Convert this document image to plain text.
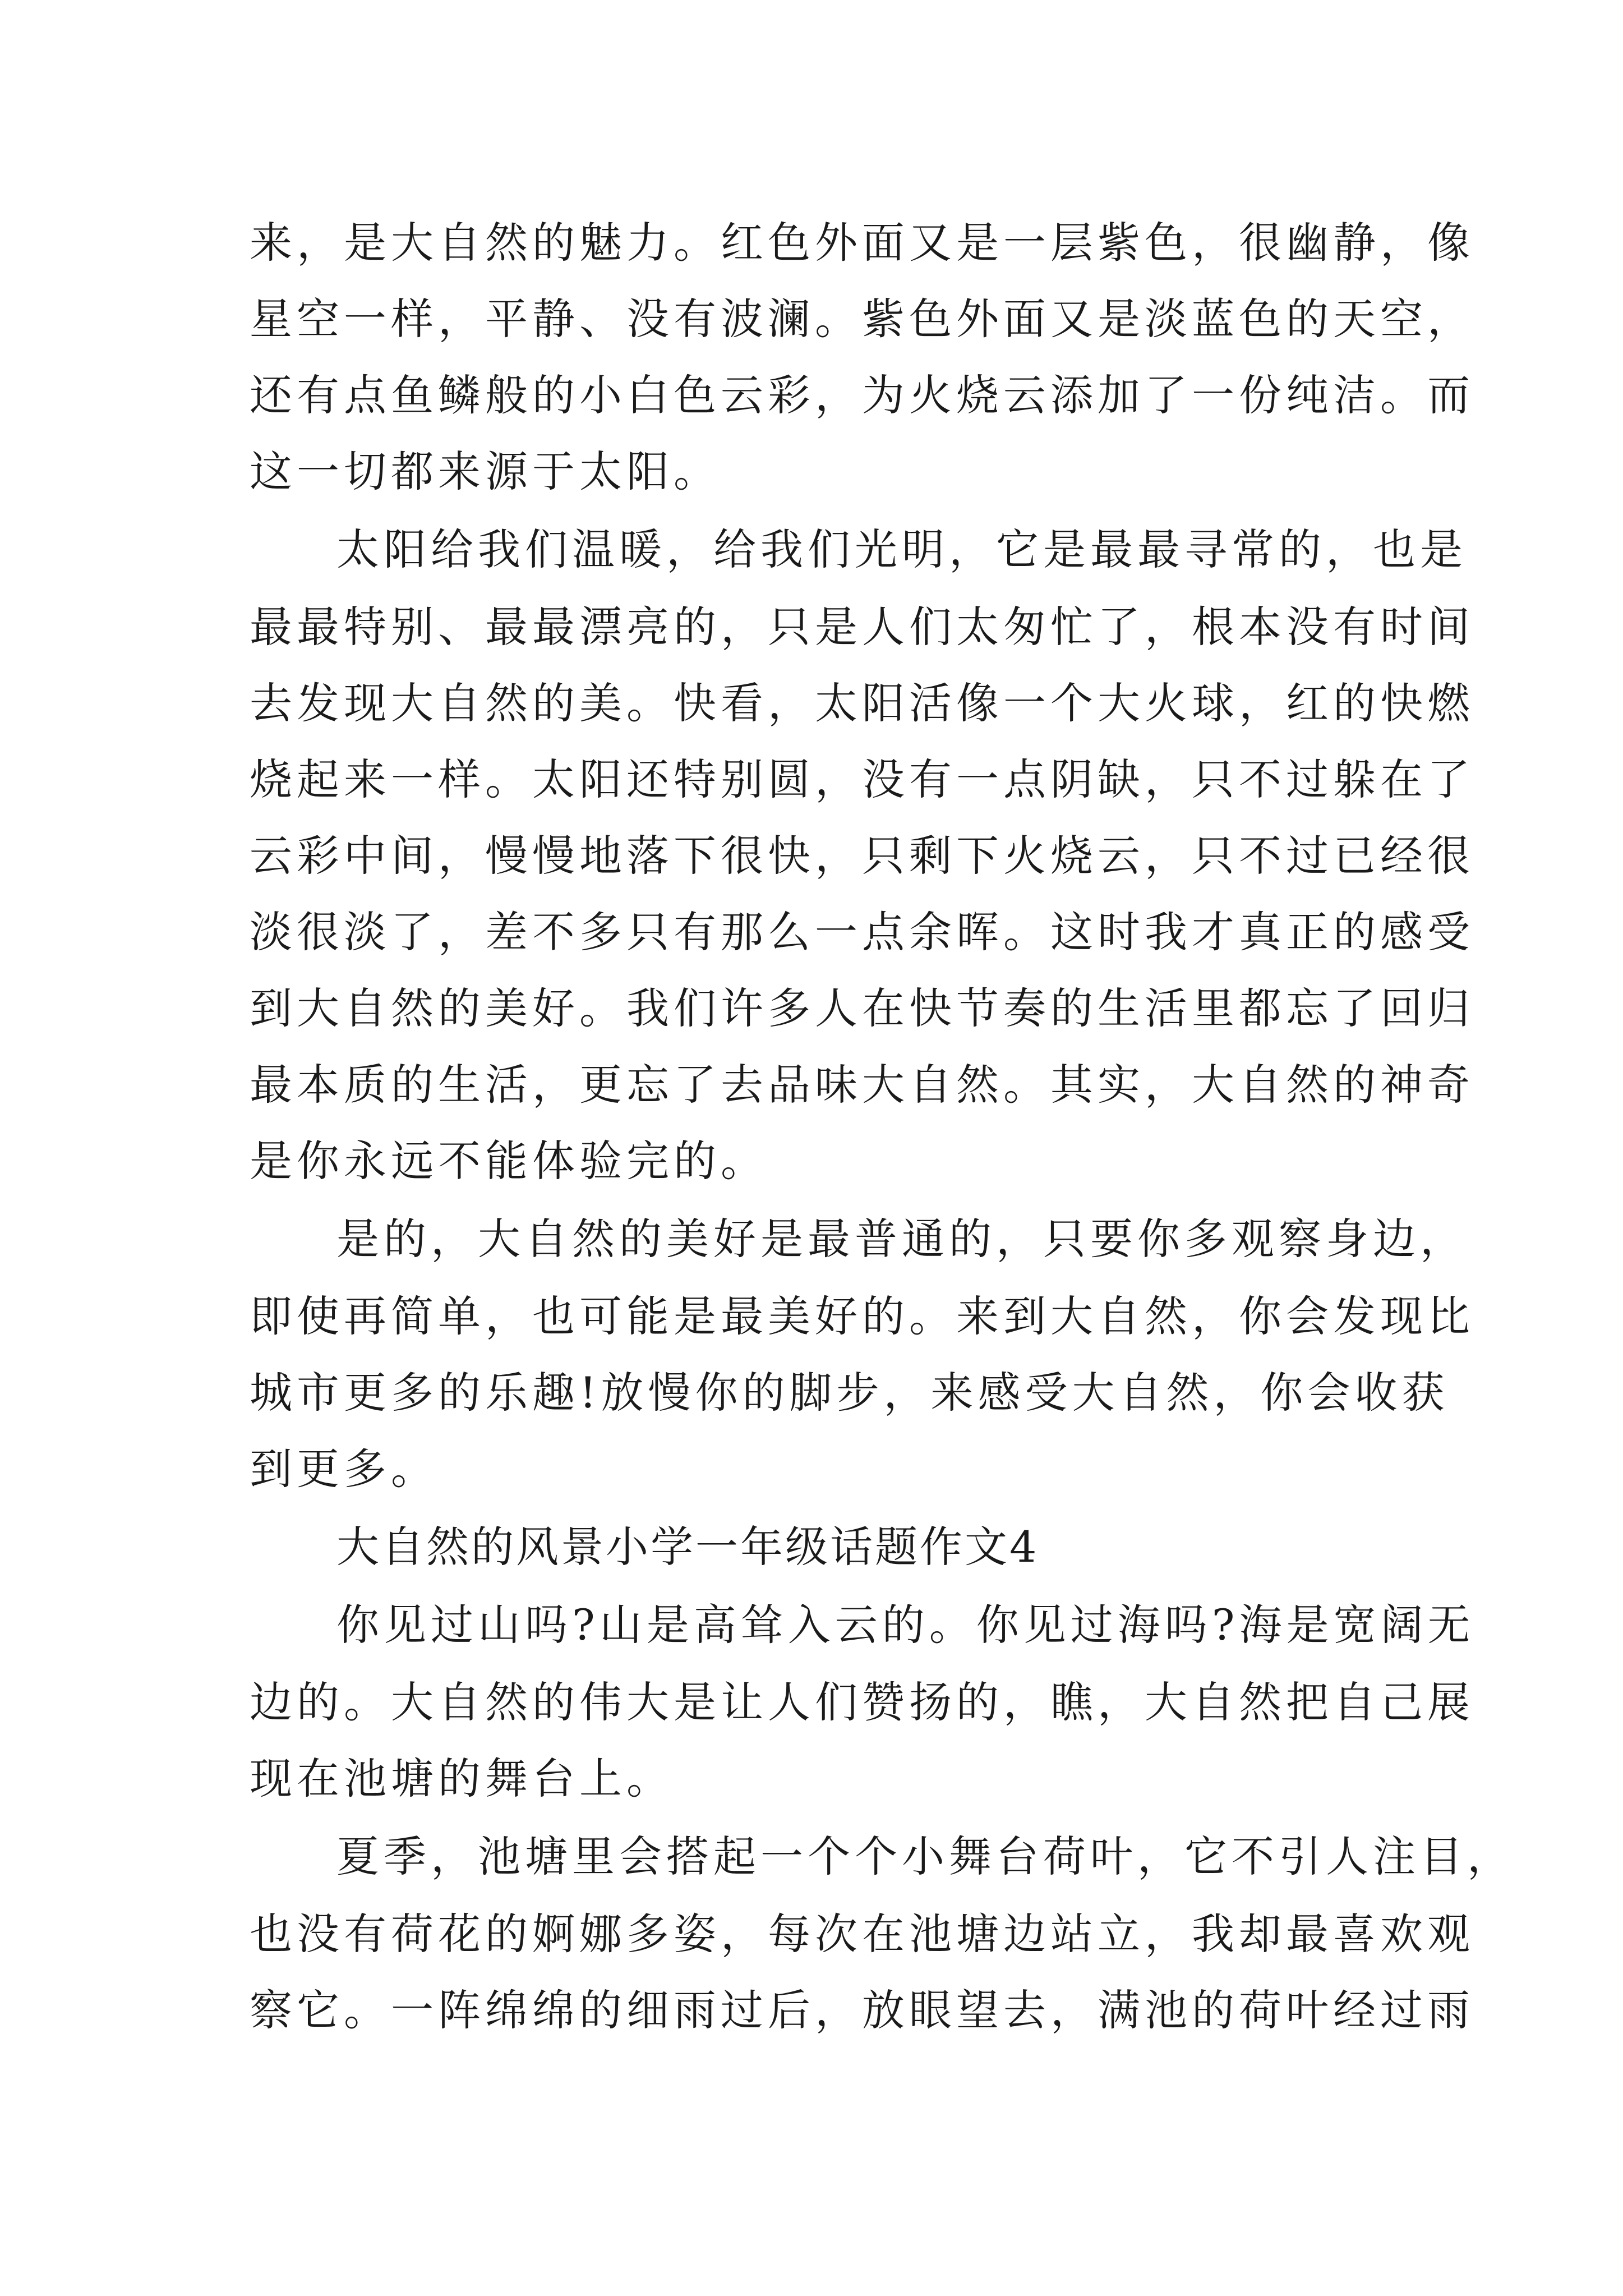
来，是大自然的魅力。红色外面又是一层紫色，很幽静，像
星空一样，平静、没有波澜。紫色外面又是淡蓝色的天空，
还有点鱼鳞般的小白色云彩，为火烧云添加了一份纯洁。而
这一切都来源于太阳。
太阳给我们温暖，给我们光明，它是最最寻常的，也是
最最特别、最最漂亮的，只是人们太匆忙了，根本没有时间
去发现大自然的美。快看，太阳活像一个大火球，红的快燃
烧起来一样。太阳还特别圆，没有一点阴缺，只不过躲在了
云彩中间，慢慢地落下很快，只剩下火烧云，只不过已经很
淡很淡了，差不多只有那么一点余晖。这时我才真正的感受
到大自然的美好。我们许多人在快节奏的生活里都忘了回归
最本质的生活，更忘了去品味大自然。其实，大自然的神奇
是你永远不能体验完的。
是的，大自然的美好是最普通的，只要你多观察身边，
即使再简单，也可能是最美好的。来到大自然，你会发现比
城市更多的乐趣!放慢你的脚步，来感受大自然，你会收获
到更多。
大自然的风景小学一年级话题作文4
你见过山吗?山是高耸入云的。你见过海吗?海是宽阔无
边的。大自然的伟大是让人们赞扬的，瞧，大自然把自己展
现在池塘的舞台上。
夏季，池塘里会搭起一个个小舞台荷叶，它不引人注目，
也没有荷花的婀娜多姿，每次在池塘边站立，我却最喜欢观
察它。一阵绵绵的细雨过后，放眼望去，满池的荷叶经过雨
